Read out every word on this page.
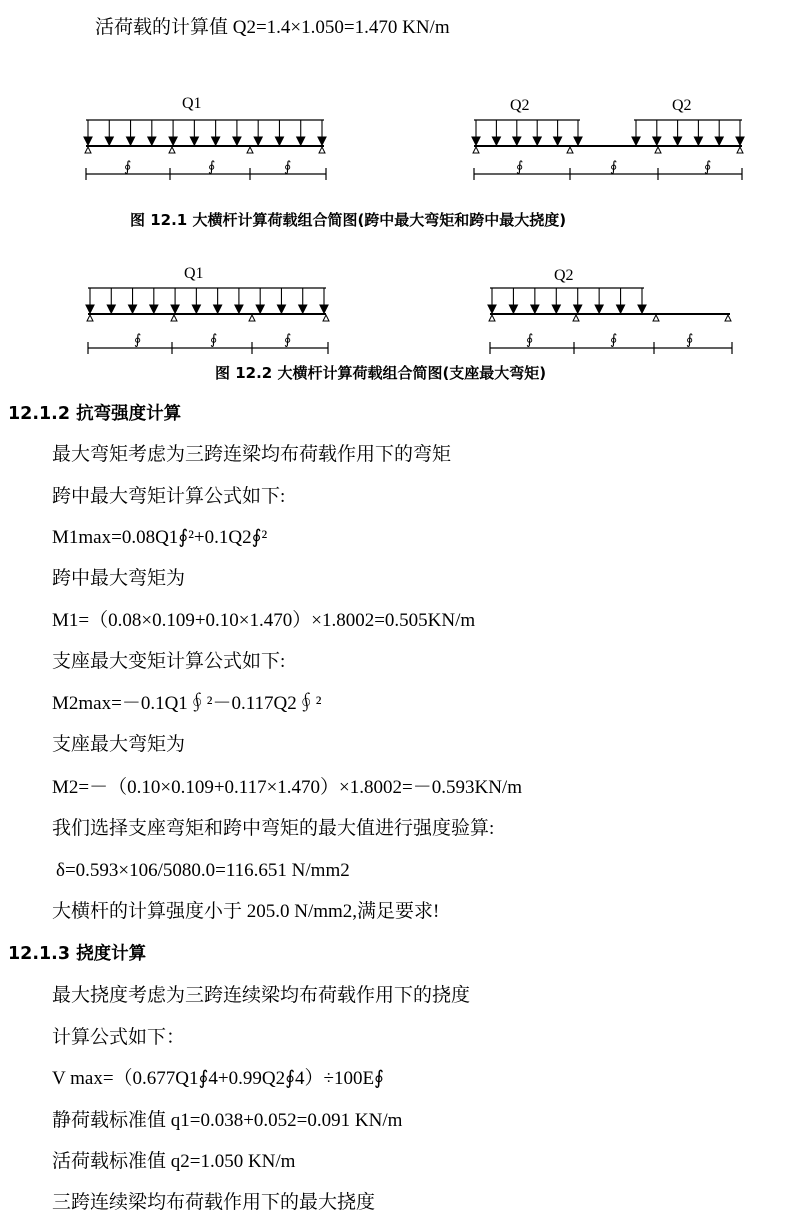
活荷载的计算值 Q2=1.4×1.050=1.470 KN/m
Q1
∮	∮	∮
Q2	Q2
∮	∮	∮
图 12.1 大横杆计算荷载组合简图(跨中最大弯矩和跨中最大挠度)
Q1
∮	∮	∮
Q2
∮	∮	∮
图 12.2 大横杆计算荷载组合简图(支座最大弯矩)
12.1.2 抗弯强度计算
最大弯矩考虑为三跨连梁均布荷载作用下的弯矩
跨中最大弯矩计算公式如下:
M1max=0.08Q1∮²+0.1Q2∮²
跨中最大弯矩为
M1=（0.08×0.109+0.10×1.470）×1.8002=0.505KN/m
支座最大变矩计算公式如下:
M2max=－0.1Q1∮²－0.117Q2∮²
支座最大弯矩为
M2=－（0.10×0.109+0.117×1.470）×1.8002=－0.593KN/m
我们选择支座弯矩和跨中弯矩的最大值进行强度验算:
δ=0.593×106/5080.0=116.651 N/mm2
大横杆的计算强度小于 205.0 N/mm2,满足要求!
12.1.3 挠度计算
最大挠度考虑为三跨连续梁均布荷载作用下的挠度
计算公式如下：
V max=（0.677Q1∮4+0.99Q2∮4）÷100E∮
静荷载标准值 q1=0.038+0.052=0.091 KN/m
活荷载标准值 q2=1.050 KN/m
三跨连续梁均布荷载作用下的最大挠度
